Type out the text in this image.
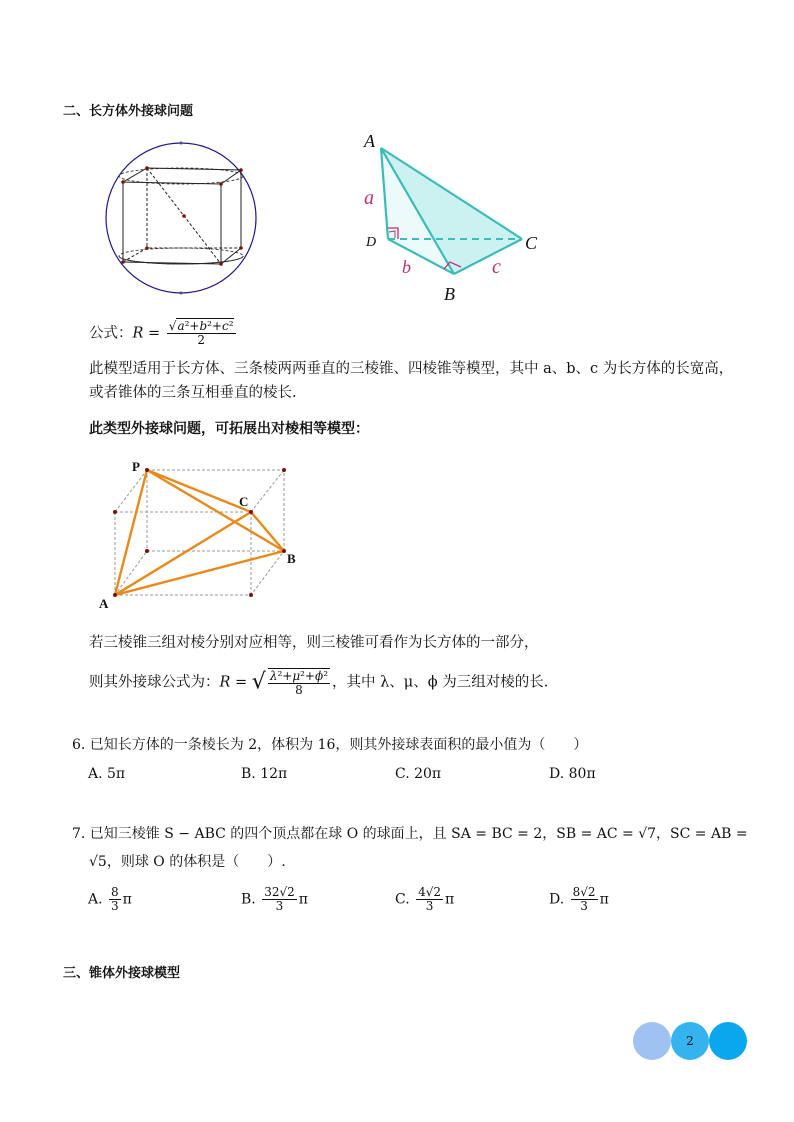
二、长方体外接球问题
A
a
D
b	c
C
B
公式：$R = \frac{\text{√a²+b²+c²}}{2}$
此模型适用于长方体、三条棱两两垂直的三棱锥、四棱锥等模型，其中 a、b、c 为长方体的长宽高，或者锥体的三条互相垂直的棱长.
此类型外接球问题，可拓展出对棱相等模型：
P
C
B
A
若三棱锥三组对棱分别对应相等，则三棱锥可看作为长方体的一部分，
则其外接球公式为：R = √ $\frac{\text{λ²+μ²+ϕ²}}{8}$ ，其中 λ、μ、ϕ 为三组对棱的长.
6. 已知长方体的一条棱长为 2，体积为 16，则其外接球表面积的最小值为（　　）
A. 5π	B. 12π	C. 20π	D. 80π
7. 已知三棱锥 S − ABC 的四个顶点都在球 O 的球面上，且 SA = BC = 2，SB = AC = √7，SC = AB =
√5，则球 O 的体积是（　　）.
A. $\frac{8}{3}$ π	B. $\frac{32√2}{3}$ π	C. $\frac{4√2}{3}$ π	D. $\frac{8√2}{3}$ π
三、锥体外接球模型
2
